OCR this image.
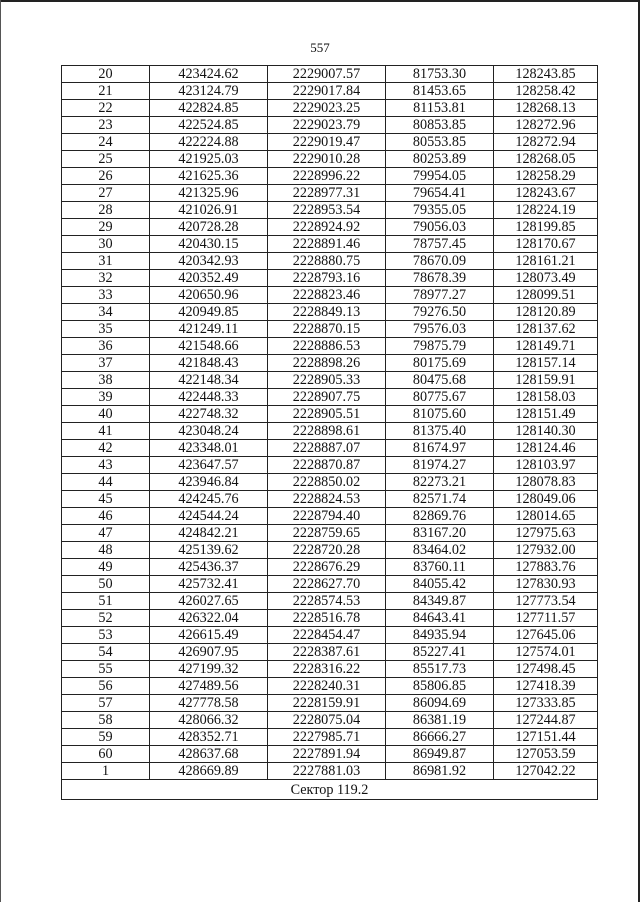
557
20	423424.62	2229007.57	81753.30	128243.85
21	423124.79	2229017.84	81453.65	128258.42
22	422824.85	2229023.25	81153.81	128268.13
23	422524.85	2229023.79	80853.85	128272.96
24	422224.88	2229019.47	80553.85	128272.94
25	421925.03	2229010.28	80253.89	128268.05
26	421625.36	2228996.22	79954.05	128258.29
27	421325.96	2228977.31	79654.41	128243.67
28	421026.91	2228953.54	79355.05	128224.19
29	420728.28	2228924.92	79056.03	128199.85
30	420430.15	2228891.46	78757.45	128170.67
31	420342.93	2228880.75	78670.09	128161.21
32	420352.49	2228793.16	78678.39	128073.49
33	420650.96	2228823.46	78977.27	128099.51
34	420949.85	2228849.13	79276.50	128120.89
35	421249.11	2228870.15	79576.03	128137.62
36	421548.66	2228886.53	79875.79	128149.71
37	421848.43	2228898.26	80175.69	128157.14
38	422148.34	2228905.33	80475.68	128159.91
39	422448.33	2228907.75	80775.67	128158.03
40	422748.32	2228905.51	81075.60	128151.49
41	423048.24	2228898.61	81375.40	128140.30
42	423348.01	2228887.07	81674.97	128124.46
43	423647.57	2228870.87	81974.27	128103.97
44	423946.84	2228850.02	82273.21	128078.83
45	424245.76	2228824.53	82571.74	128049.06
46	424544.24	2228794.40	82869.76	128014.65
47	424842.21	2228759.65	83167.20	127975.63
48	425139.62	2228720.28	83464.02	127932.00
49	425436.37	2228676.29	83760.11	127883.76
50	425732.41	2228627.70	84055.42	127830.93
51	426027.65	2228574.53	84349.87	127773.54
52	426322.04	2228516.78	84643.41	127711.57
53	426615.49	2228454.47	84935.94	127645.06
54	426907.95	2228387.61	85227.41	127574.01
55	427199.32	2228316.22	85517.73	127498.45
56	427489.56	2228240.31	85806.85	127418.39
57	427778.58	2228159.91	86094.69	127333.85
58	428066.32	2228075.04	86381.19	127244.87
59	428352.71	2227985.71	86666.27	127151.44
60	428637.68	2227891.94	86949.87	127053.59
1	428669.89	2227881.03	86981.92	127042.22
Сектор 119.2				
